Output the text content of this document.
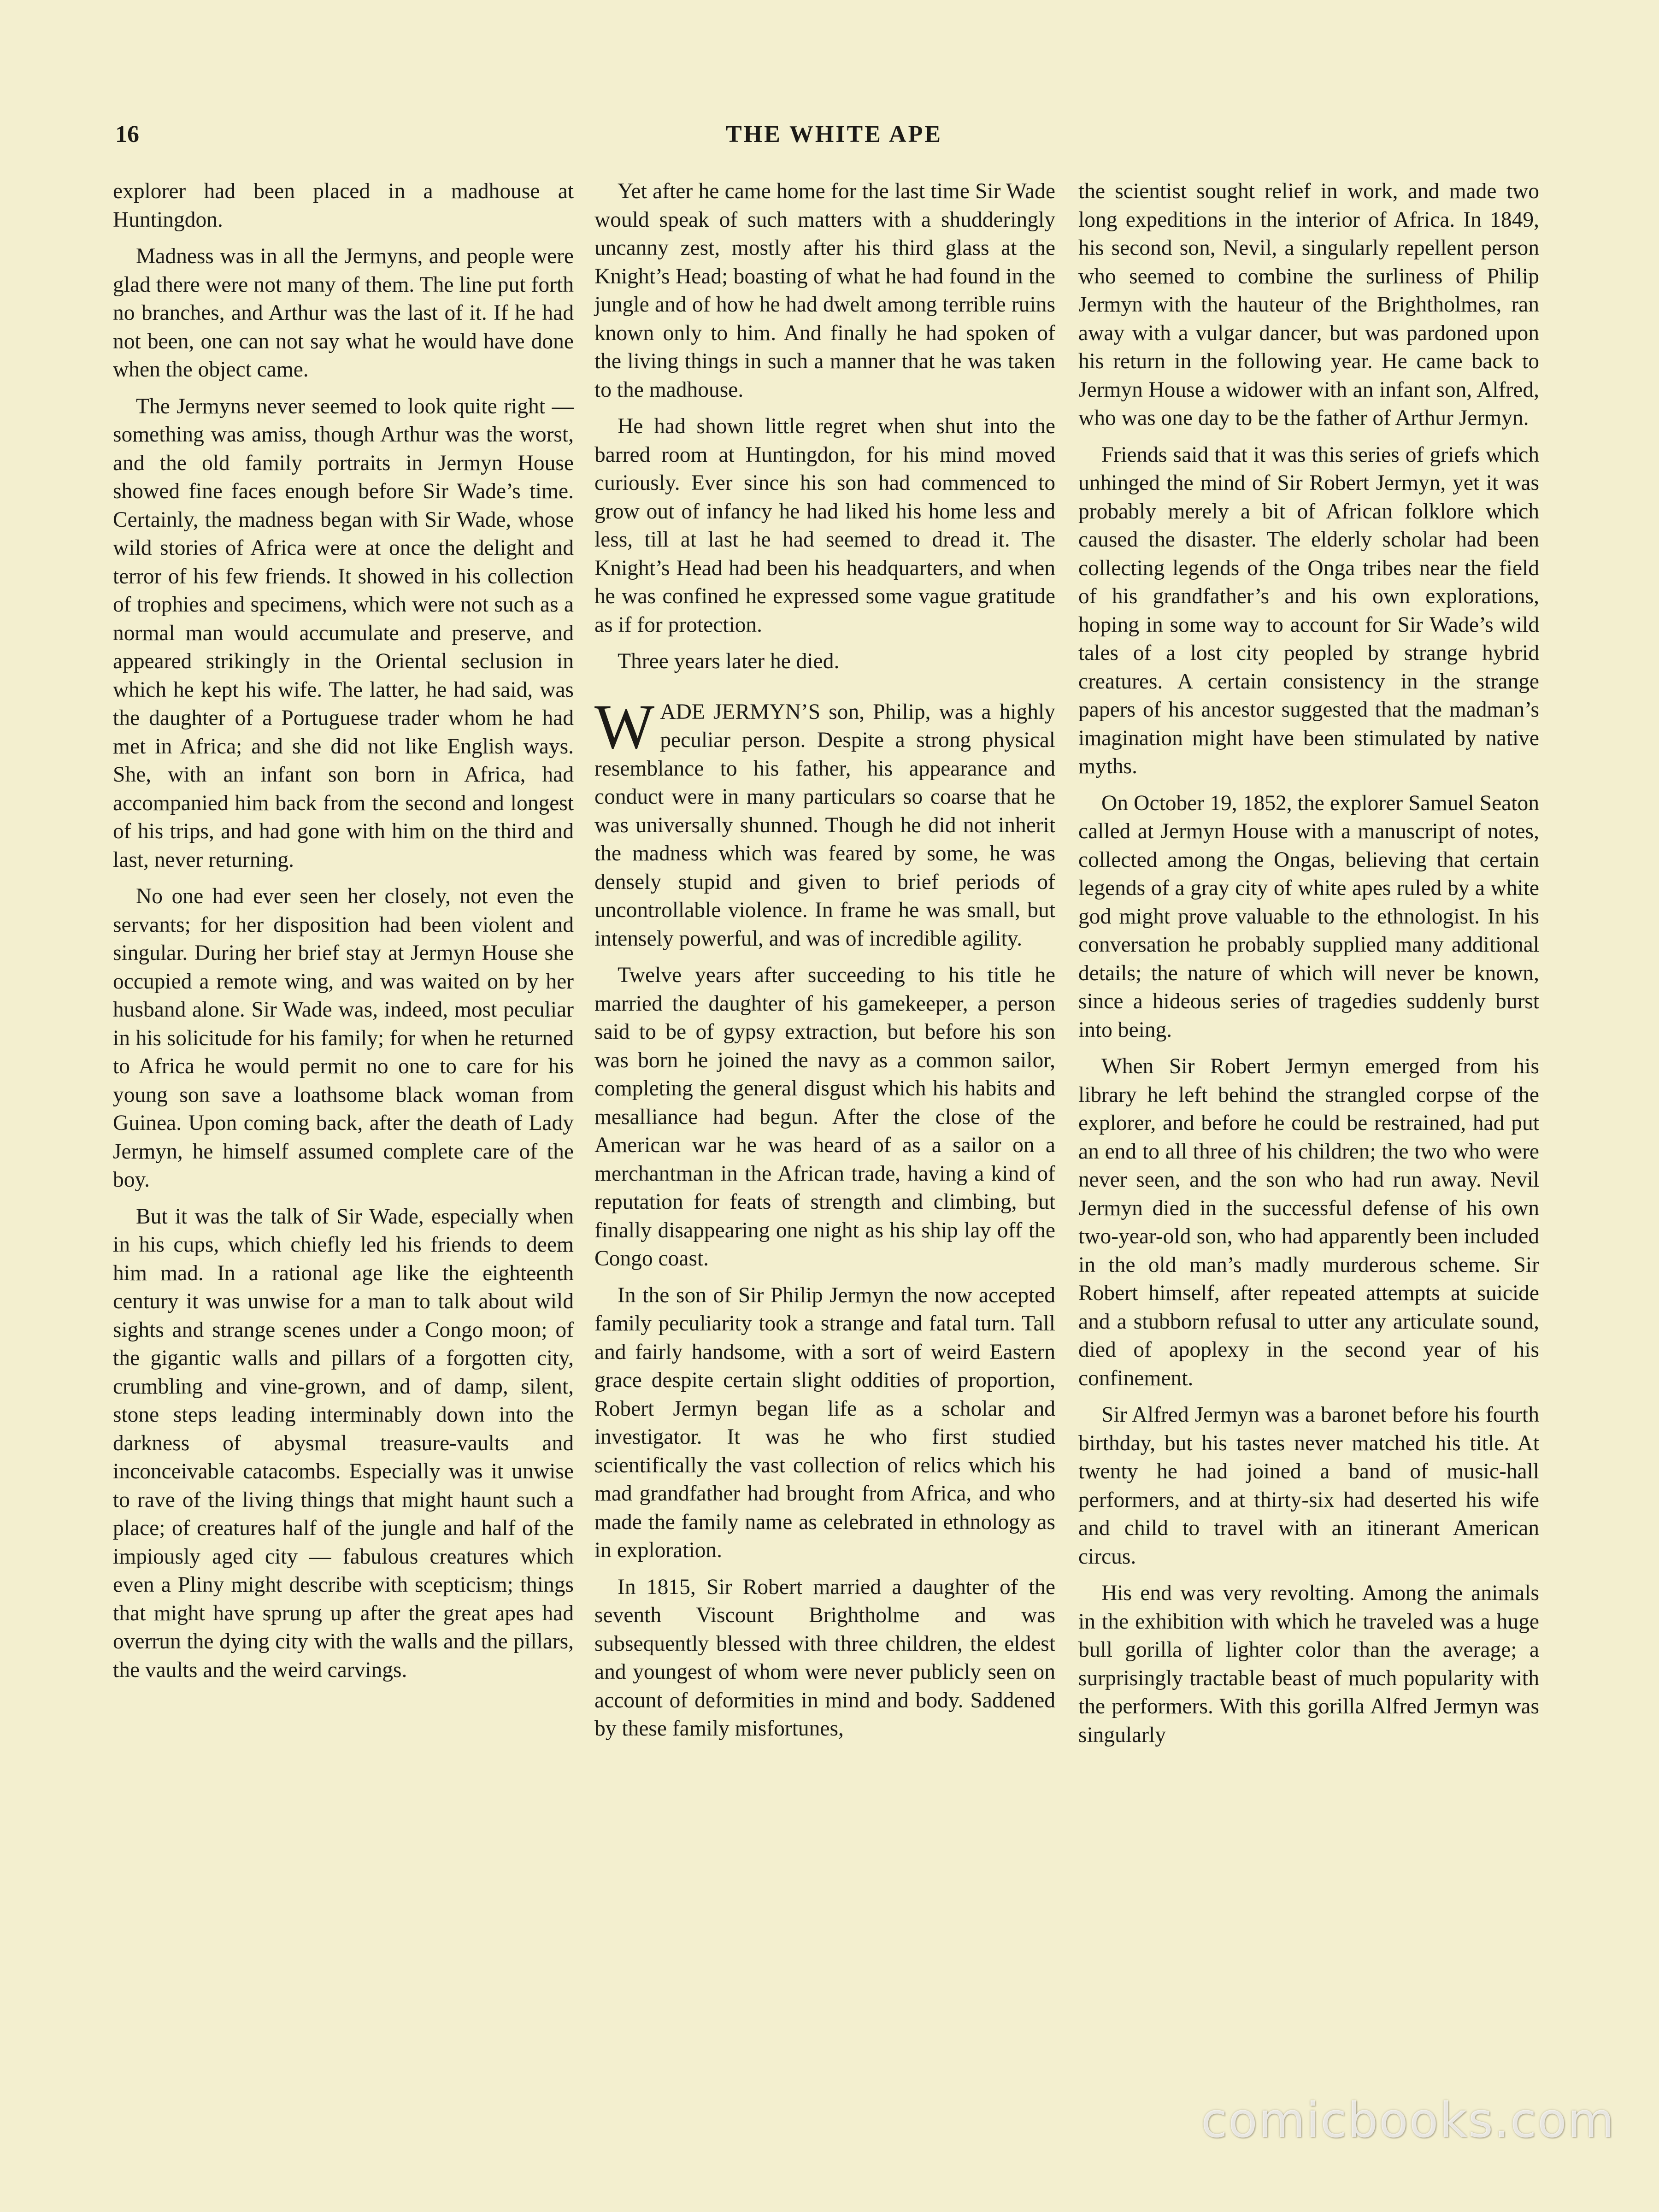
16	THE WHITE APE

explorer had been placed in a madhouse at Huntingdon.

Madness was in all the Jermyns, and people were glad there were not many of them. The line put forth no branches, and Arthur was the last of it. If he had not been, one can not say what he would have done when the object came.

The Jermyns never seemed to look quite right — something was amiss, though Arthur was the worst, and the old family portraits in Jermyn House showed fine faces enough before Sir Wade’s time. Certainly, the madness began with Sir Wade, whose wild stories of Africa were at once the delight and terror of his few friends. It showed in his collection of trophies and specimens, which were not such as a normal man would accumulate and preserve, and appeared strikingly in the Oriental seclusion in which he kept his wife. The latter, he had said, was the daughter of a Portuguese trader whom he had met in Africa; and she did not like English ways. She, with an infant son born in Africa, had accompanied him back from the second and longest of his trips, and had gone with him on the third and last, never returning.

No one had ever seen her closely, not even the servants; for her disposition had been violent and singular. During her brief stay at Jermyn House she occupied a remote wing, and was waited on by her husband alone. Sir Wade was, indeed, most peculiar in his solicitude for his family; for when he returned to Africa he would permit no one to care for his young son save a loathsome black woman from Guinea. Upon coming back, after the death of Lady Jermyn, he himself assumed complete care of the boy.

But it was the talk of Sir Wade, especially when in his cups, which chiefly led his friends to deem him mad. In a rational age like the eighteenth century it was unwise for a man to talk about wild sights and strange scenes under a Congo moon; of the gigantic walls and pillars of a forgotten city, crumbling and vine-grown, and of damp, silent, stone steps leading interminably down into the darkness of abysmal treasure-vaults and inconceivable catacombs. Especially was it unwise to rave of the living things that might haunt such a place; of creatures half of the jungle and half of the impiously aged city — fabulous creatures which even a Pliny might describe with scepticism; things that might have sprung up after the great apes had overrun the dying city with the walls and the pillars, the vaults and the weird carvings.

Yet after he came home for the last time Sir Wade would speak of such matters with a shudderingly uncanny zest, mostly after his third glass at the Knight’s Head; boasting of what he had found in the jungle and of how he had dwelt among terrible ruins known only to him. And finally he had spoken of the living things in such a manner that he was taken to the madhouse.

He had shown little regret when shut into the barred room at Huntingdon, for his mind moved curiously. Ever since his son had commenced to grow out of infancy he had liked his home less and less, till at last he had seemed to dread it. The Knight’s Head had been his headquarters, and when he was confined he expressed some vague gratitude as if for protection.

Three years later he died.

WADE JERMYN’S son, Philip, was a highly peculiar person. Despite a strong physical resemblance to his father, his appearance and conduct were in many particulars so coarse that he was universally shunned. Though he did not inherit the madness which was feared by some, he was densely stupid and given to brief periods of uncontrollable violence. In frame he was small, but intensely powerful, and was of incredible agility.

Twelve years after succeeding to his title he married the daughter of his gamekeeper, a person said to be of gypsy extraction, but before his son was born he joined the navy as a common sailor, completing the general disgust which his habits and mesalliance had begun. After the close of the American war he was heard of as a sailor on a merchantman in the African trade, having a kind of reputation for feats of strength and climbing, but finally disappearing one night as his ship lay off the Congo coast.

In the son of Sir Philip Jermyn the now accepted family peculiarity took a strange and fatal turn. Tall and fairly handsome, with a sort of weird Eastern grace despite certain slight oddities of proportion, Robert Jermyn began life as a scholar and investigator. It was he who first studied scientifically the vast collection of relics which his mad grandfather had brought from Africa, and who made the family name as celebrated in ethnology as in exploration.

In 1815, Sir Robert married a daughter of the seventh Viscount Brightholme and was subsequently blessed with three children, the eldest and youngest of whom were never publicly seen on account of deformities in mind and body. Saddened by these family misfortunes,

the scientist sought relief in work, and made two long expeditions in the interior of Africa. In 1849, his second son, Nevil, a singularly repellent person who seemed to combine the surliness of Philip Jermyn with the hauteur of the Brightholmes, ran away with a vulgar dancer, but was pardoned upon his return in the following year. He came back to Jermyn House a widower with an infant son, Alfred, who was one day to be the father of Arthur Jermyn.

Friends said that it was this series of griefs which unhinged the mind of Sir Robert Jermyn, yet it was probably merely a bit of African folklore which caused the disaster. The elderly scholar had been collecting legends of the Onga tribes near the field of his grandfather’s and his own explorations, hoping in some way to account for Sir Wade’s wild tales of a lost city peopled by strange hybrid creatures. A certain consistency in the strange papers of his ancestor suggested that the madman’s imagination might have been stimulated by native myths.

On October 19, 1852, the explorer Samuel Seaton called at Jermyn House with a manuscript of notes, collected among the Ongas, believing that certain legends of a gray city of white apes ruled by a white god might prove valuable to the ethnologist. In his conversation he probably supplied many additional details; the nature of which will never be known, since a hideous series of tragedies suddenly burst into being.

When Sir Robert Jermyn emerged from his library he left behind the strangled corpse of the explorer, and before he could be restrained, had put an end to all three of his children; the two who were never seen, and the son who had run away. Nevil Jermyn died in the successful defense of his own two-year-old son, who had apparently been included in the old man’s madly murderous scheme. Sir Robert himself, after repeated attempts at suicide and a stubborn refusal to utter any articulate sound, died of apoplexy in the second year of his confinement.

Sir Alfred Jermyn was a baronet before his fourth birthday, but his tastes never matched his title. At twenty he had joined a band of music-hall performers, and at thirty-six had deserted his wife and child to travel with an itinerant American circus.

His end was very revolting. Among the animals in the exhibition with which he traveled was a huge bull gorilla of lighter color than the average; a surprisingly tractable beast of much popularity with the performers. With this gorilla Alfred Jermyn was singularly

comicbooks.com
